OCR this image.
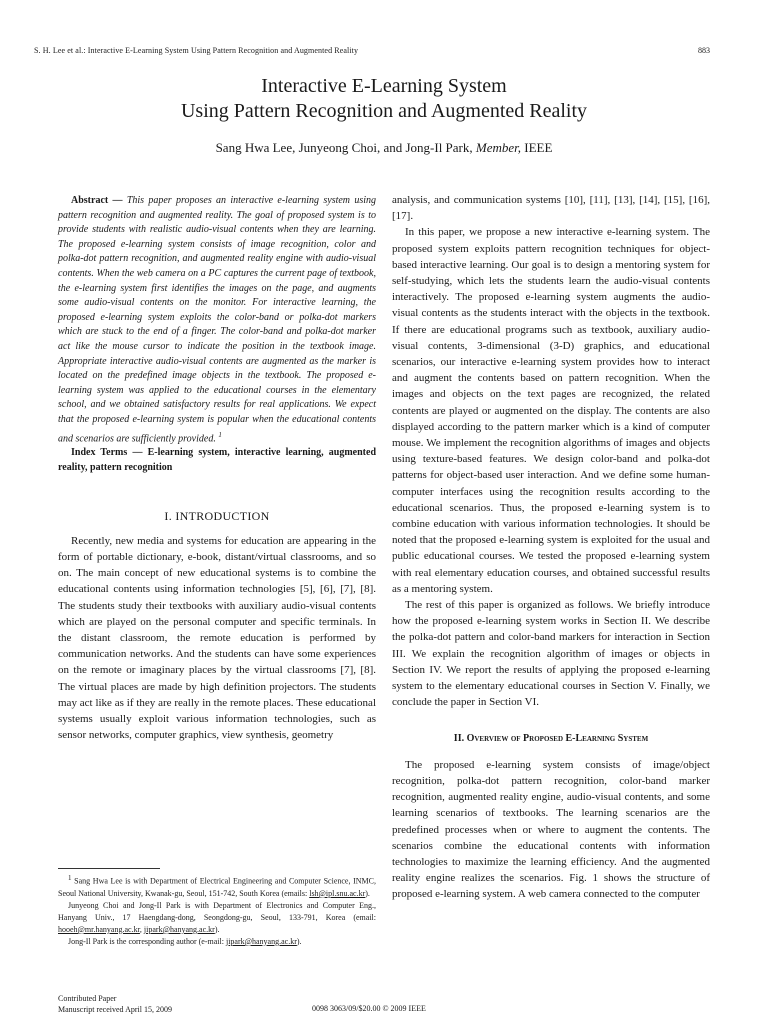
S. H. Lee et al.: Interactive E-Learning System Using Pattern Recognition and Augmented Reality	883
Interactive E-Learning System
Using Pattern Recognition and Augmented Reality
Sang Hwa Lee, Junyeong Choi, and Jong-Il Park, Member, IEEE

Abstract — This paper proposes an interactive e-learning system using pattern recognition and augmented reality. The goal of proposed system is to provide students with realistic audio-visual contents when they are learning. The proposed e-learning system consists of image recognition, color and polka-dot pattern recognition, and augmented reality engine with audio-visual contents. When the web camera on a PC captures the current page of textbook, the e-learning system first identifies the images on the page, and augments some audio-visual contents on the monitor. For interactive learning, the proposed e-learning system exploits the color-band or polka-dot markers which are stuck to the end of a finger. The color-band and polka-dot marker act like the mouse cursor to indicate the position in the textbook image. Appropriate interactive audio-visual contents are augmented as the marker is located on the predefined image objects in the textbook. The proposed e-learning system was applied to the educational courses in the elementary school, and we obtained satisfactory results for real applications. We expect that the proposed e-learning system is popular when the educational contents and scenarios are sufficiently provided. $^1$

Index Terms — E-learning system, interactive learning, augmented reality, pattern recognition

I. INTRODUCTION

Recently, new media and systems for education are appearing in the form of portable dictionary, e-book, distant/virtual classrooms, and so on. The main concept of new educational systems is to combine the educational contents using information technologies [5], [6], [7], [8]. The students study their textbooks with auxiliary audio-visual contents which are played on the personal computer and specific terminals. In the distant classroom, the remote education is performed by communication networks. And the students can have some experiences on the remote or imaginary places by the virtual classrooms [7], [8]. The virtual places are made by high definition projectors. The students may act like as if they are really in the remote places. These educational systems usually exploit various information technologies, such as sensor networks, computer graphics, view synthesis, geometry

analysis, and communication systems [10], [11], [13], [14], [15], [16], [17].

In this paper, we propose a new interactive e-learning system. The proposed system exploits pattern recognition techniques for object-based interactive learning. Our goal is to design a mentoring system for self-studying, which lets the students learn the audio-visual contents interactively. The proposed e-learning system augments the audio-visual contents as the students interact with the objects in the textbook. If there are educational programs such as textbook, auxiliary audio-visual contents, 3-dimensional (3-D) graphics, and educational scenarios, our interactive e-learning system provides how to interact and augment the contents based on pattern recognition. When the images and objects on the text pages are recognized, the related contents are played or augmented on the display. The contents are also displayed according to the pattern marker which is a kind of computer mouse. We implement the recognition algorithms of images and objects using texture-based features. We design color-band and polka-dot patterns for object-based user interaction. And we define some human-computer interfaces using the recognition results according to the educational scenarios. Thus, the proposed e-learning system is to combine education with various information technologies. It should be noted that the proposed e-learning system is exploited for the usual and public educational courses. We tested the proposed e-learning system with real elementary education courses, and obtained successful results as a mentoring system.

The rest of this paper is organized as follows. We briefly introduce how the proposed e-learning system works in Section II. We describe the polka-dot pattern and color-band markers for interaction in Section III. We explain the recognition algorithm of images or objects in Section IV. We report the results of applying the proposed e-learning system to the elementary educational courses in Section V. Finally, we conclude the paper in Section VI.

II. Overview of Proposed E-Learning System

The proposed e-learning system consists of image/object recognition, polka-dot pattern recognition, color-band marker recognition, augmented reality engine, audio-visual contents, and some learning scenarios of textbooks. The learning scenarios are the predefined processes when or where to augment the contents. The scenarios combine the educational contents with information technologies to maximize the learning efficiency. And the augmented reality engine realizes the scenarios. Fig. 1 shows the structure of proposed e-learning system. A web camera connected to the computer

$^1$ Sang Hwa Lee is with Department of Electrical Engineering and Computer Science, INMC, Seoul National University, Kwanak-gu, Seoul, 151-742, South Korea (emails: lsh@ipl.snu.ac.kr).

Junyeong Choi and Jong-Il Park is with Department of Electronics and Computer Eng., Hanyang Univ., 17 Haengdang-dong, Seongdong-gu, Seoul, 133-791, Korea (email: hooeh@mr.hanyang.ac.kr, jipark@hanyang.ac.kr).

Jong-Il Park is the corresponding author (e-mail: jipark@hanyang.ac.kr).

Contributed Paper
Manuscript received April 15, 2009	0098 3063/09/$20.00 © 2009 IEEE
